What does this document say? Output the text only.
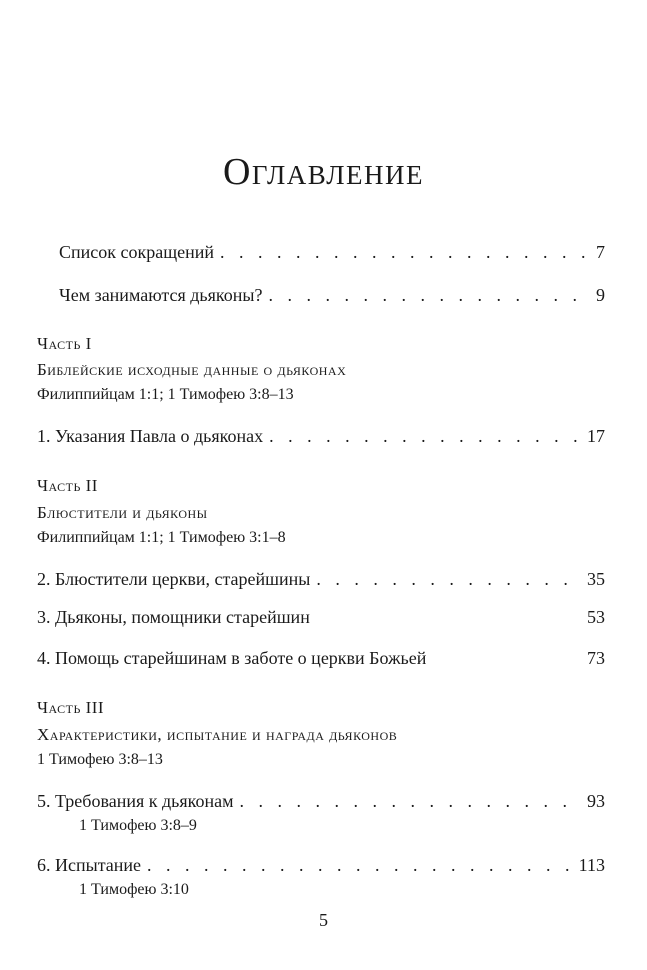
Оглавление
Список сокращений . . .	7
Чем занимаются дьяконы? . . .	9
Часть I
Библейские исходные данные о дьяконах
Филиппийцам 1:1; 1 Тимофею 3:8–13
1. Указания Павла о дьяконах . . .	17
Часть II
Блюстители и дьяконы
Филиппийцам 1:1; 1 Тимофею 3:1–8
2. Блюстители церкви, старейшины . . .	35
3. Дьяконы, помощники старейшин	53
4. Помощь старейшинам в заботе о церкви Божьей	73
Часть III
Характеристики, испытание и награда дьяконов
1 Тимофею 3:8–13
5. Требования к дьяконам . . .	93
1 Тимофею 3:8–9
6. Испытание . . .	113
1 Тимофею 3:10
5
